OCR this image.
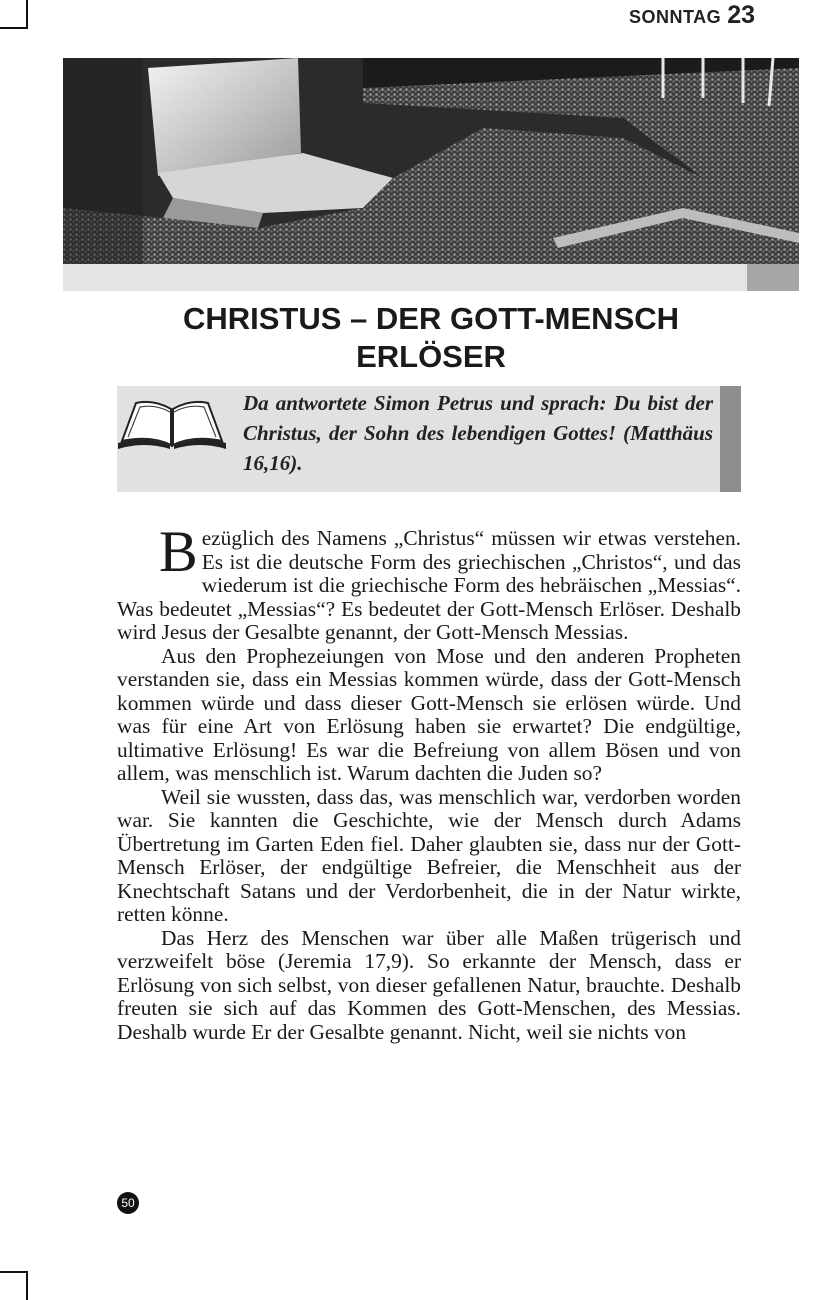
SONNTAG 23
CHRISTUS – DER GOTT-MENSCH
ERLÖSER
Da antwortete Simon Petrus und sprach: Du bist der Christus, der Sohn des lebendigen Gottes! (Matthäus 16,16).

Bezüglich des Namens „Christus“ müssen wir etwas verstehen. Es ist die deutsche Form des griechischen „Christos“, und das wiederum ist die griechische Form des hebräischen „Messias“. Was bedeutet „Messias“? Es bedeutet der Gott-Mensch Erlöser. Deshalb wird Jesus der Gesalbte genannt, der Gott-Mensch Messias.

Aus den Prophezeiungen von Mose und den anderen Propheten verstanden sie, dass ein Messias kommen würde, dass der Gott-Mensch kommen würde und dass dieser Gott-Mensch sie erlösen würde. Und was für eine Art von Erlösung haben sie erwartet? Die endgültige, ultimative Erlösung! Es war die Befreiung von allem Bösen und von allem, was menschlich ist. Warum dachten die Juden so?

Weil sie wussten, dass das, was menschlich war, verdorben worden war. Sie kannten die Geschichte, wie der Mensch durch Adams Übertretung im Garten Eden fiel. Daher glaubten sie, dass nur der Gott-Mensch Erlöser, der endgültige Befreier, die Menschheit aus der Knechtschaft Satans und der Verdorbenheit, die in der Natur wirkte, retten könne.

Das Herz des Menschen war über alle Maßen trügerisch und verzweifelt böse (Jeremia 17,9). So erkannte der Mensch, dass er Erlösung von sich selbst, von dieser gefallenen Natur, brauchte. Deshalb freuten sie sich auf das Kommen des Gott-Menschen, des Messias. Deshalb wurde Er der Gesalbte genannt. Nicht, weil sie nichts von

50
